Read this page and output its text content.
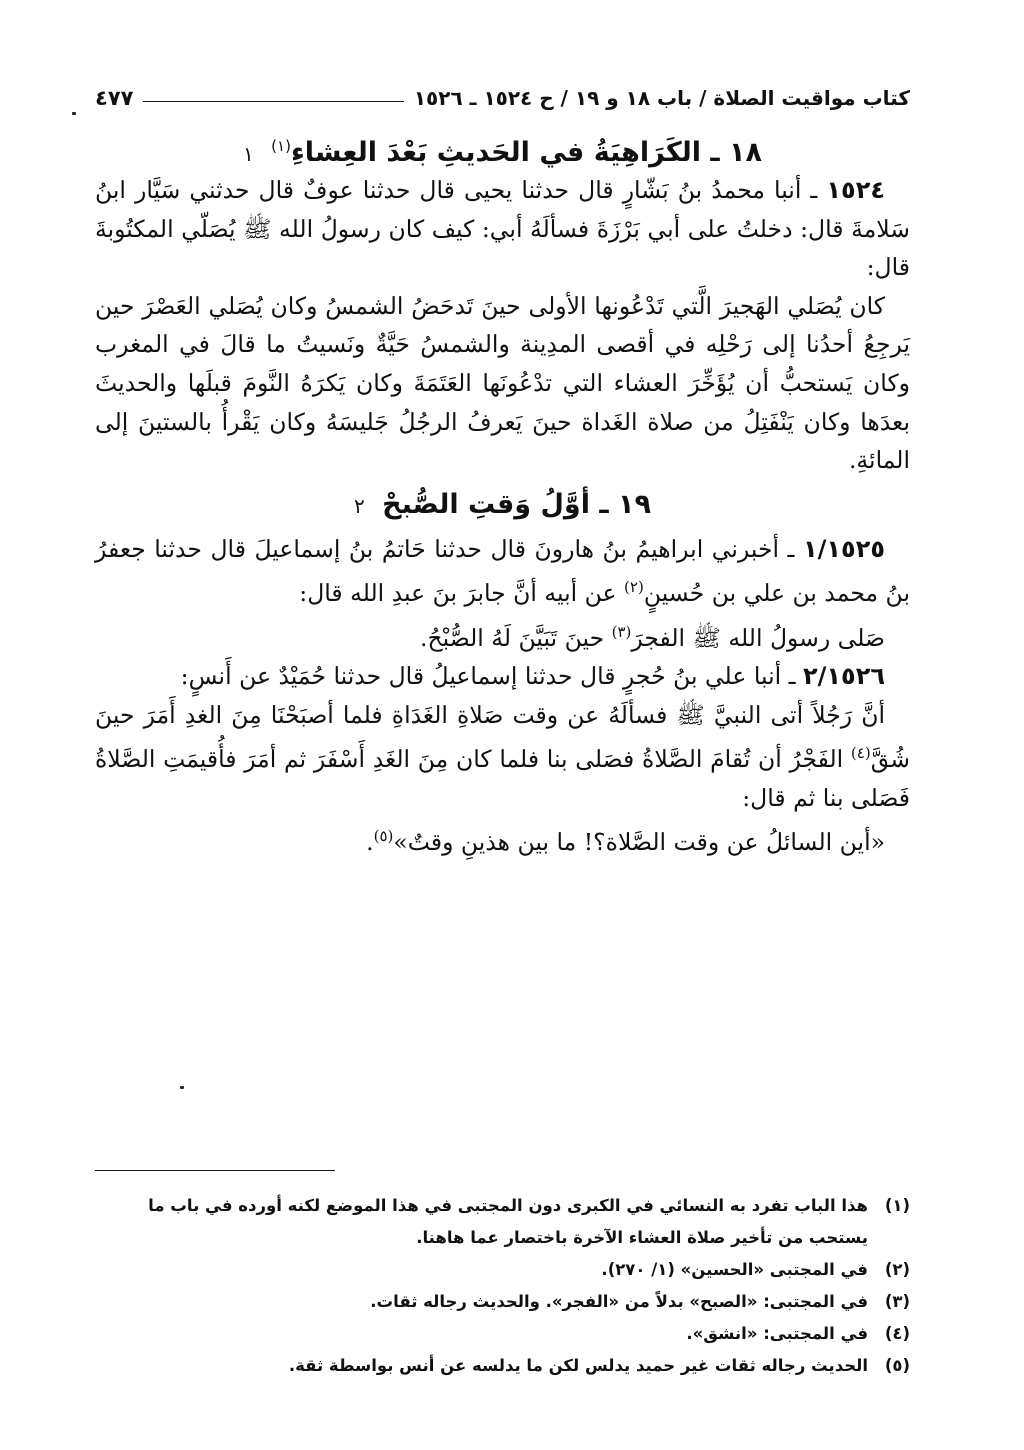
كتاب مواقيت الصلاة / باب ١٨ و ١٩ / ح ١٥٢٤ ـ ١٥٢٦
٤٧٧
١٨ ـ الكَرَاهِيَةُ في الحَديثِ بَعْدَ العِشاءِ$^{(١)}$ ١

١٥٢٤ ـ أنبا محمدُ بنُ بَشّارٍ قال حدثنا يحيى قال حدثنا عوفٌ قال حدثني سَيَّار ابنُ سَلامةَ قال: دخلتُ على أبي بَرْزَةَ فسألَهُ أبي: كيف كان رسولُ الله ﷺ يُصَلّي المكتُوبةَ قال:

كان يُصَلي الهَجيرَ الَّتي تَدْعُونها الأولى حينَ تَدحَضُ الشمسُ وكان يُصَلي العَصْرَ حين يَرجِعُ أحدُنا إلى رَحْلِه في أقصى المدِينة والشمسُ حَيَّةٌ ونَسيتُ ما قالَ في المغرب وكان يَستحبُّ أن يُؤَخِّرَ العشاء التي تدْعُونَها العَتَمَةَ وكان يَكرَهُ النَّومَ قبلَها والحديثَ بعدَها وكان يَنْفَتِلُ من صلاة الغَداة حينَ يَعرفُ الرجُلُ جَليسَهُ وكان يَقْرأُ بالستينَ إلى المائةِ.

١٩ ـ أوَّلُ وَقتِ الصُّبحْ ٢

١/١٥٢٥ ـ أخبرني ابراهيمُ بنُ هارونَ قال حدثنا حَاتمُ بنُ إسماعيلَ قال حدثنا جعفرُ بنُ محمد بن علي بن حُسينٍ$^{(٢)}$ عن أبيه أنَّ جابرَ بنَ عبدِ الله قال:

صَلى رسولُ الله ﷺ الفجرَ$^{(٣)}$ حينَ تَبَيَّنَ لَهُ الصُّبْحُ.

٢/١٥٢٦ ـ أنبا علي بنُ حُجرٍ قال حدثنا إسماعيلُ قال حدثنا حُمَيْدٌ عن أَنسٍ:

أنَّ رَجُلاً أتى النبيَّ ﷺ فسألَهُ عن وقت صَلاةِ الغَدَاةِ فلما أصبَحْنَا مِنَ الغدِ أَمَرَ حينَ شُقَّ$^{(٤)}$ الفَجْرُ أن تُقامَ الصَّلاةُ فصَلى بنا فلما كان مِنَ الغَدِ أَسْفَرَ ثم أمَرَ فأُقيمَتِ الصَّلاةُ فَصَلى بنا ثم قال:

«أين السائلُ عن وقت الصَّلاة؟! ما بين هذينِ وقتٌ»$^{(٥)}$.

(١)
هذا الباب تفرد به النسائي في الكبرى دون المجتبى في هذا الموضع لكنه أورده في باب ما يستحب من تأخير صلاة العشاء الآخرة باختصار عما هاهنا.
(٢)
في المجتبى «الحسين» (١/ ٢٧٠).
(٣)
في المجتبى: «الصبح» بدلاً من «الفجر». والحديث رجاله ثقات.
(٤)
في المجتبى: «انشق».
(٥)
الحديث رجاله ثقات غير حميد يدلس لكن ما يدلسه عن أنس بواسطة ثقة.
